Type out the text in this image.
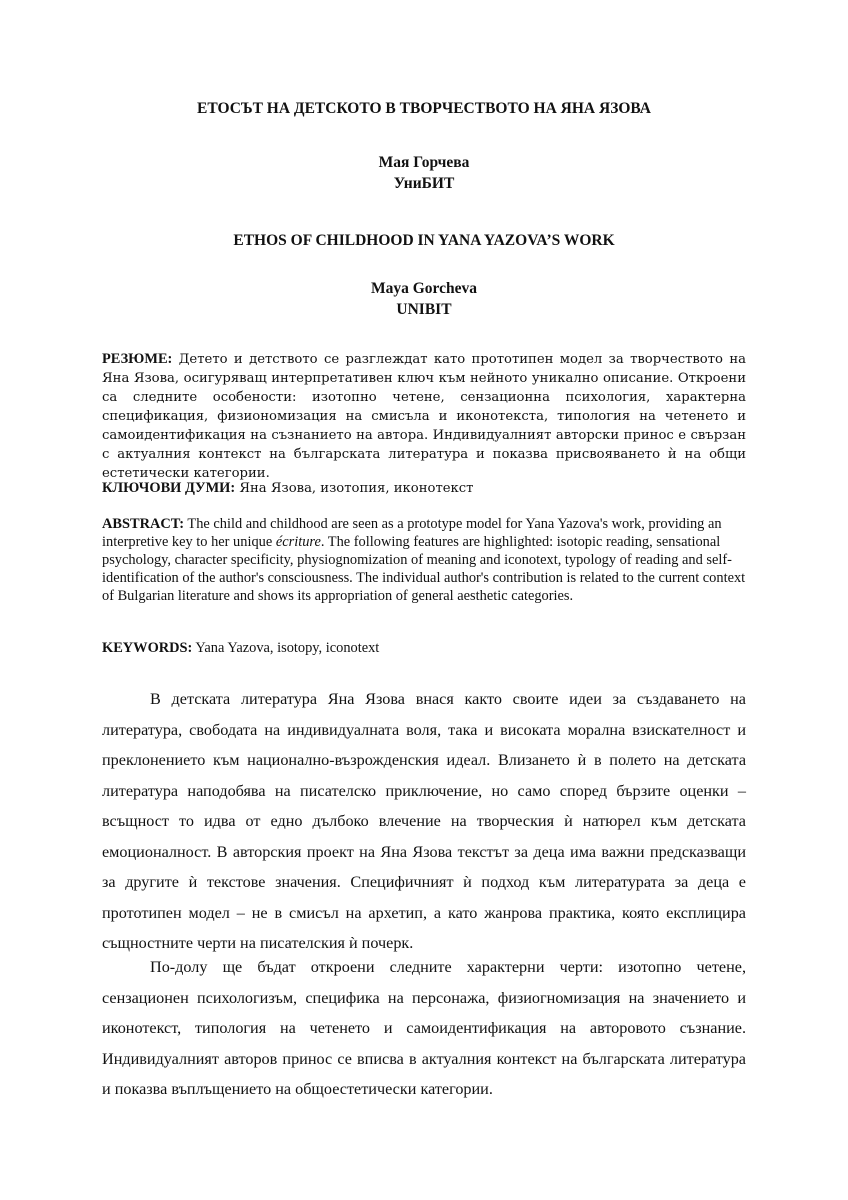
ЕТОСЪТ НА ДЕТСКОТО В ТВОРЧЕСТВОТО НА ЯНА ЯЗОВА
Мая Горчева
УниБИТ
ETHOS OF CHILDHOOD IN YANA YAZOVA’S WORK
Maya Gorcheva
UNIBIT

РЕЗЮМЕ: Детето и детството се разглеждат като прототипен модел за творчеството на Яна Язова, осигуряващ интерпретативен ключ към нейното уникално описание. Откроени са следните особености: изотопно четене, сензационна психология, характерна спецификация, физиономизация на смисъла и иконотекста, типология на четенето и самоидентификация на съзнанието на автора. Индивидуалният авторски принос е свързан с актуалния контекст на българската литература и показва присвояването ѝ на общи естетически категории.

КЛЮЧОВИ ДУМИ: Яна Язова, изотопия, иконотекст

ABSTRACT: The child and childhood are seen as a prototype model for Yana Yazova's work, providing an interpretive key to her unique écriture. The following features are highlighted: isotopic reading, sensational psychology, character specificity, physiognomization of meaning and iconotext, typology of reading and self-identification of the author's consciousness. The individual author's contribution is related to the current context of Bulgarian literature and shows its appropriation of general aesthetic categories.

KEYWORDS: Yana Yazova, isotopy, iconotext

В детската литература Яна Язова внася както своите идеи за създаването на литература, свободата на индивидуалната воля, така и високата морална взискателност и преклонението към национално-възрожденския идеал. Влизането ѝ в полето на детската литература наподобява на писателско приключение, но само според бързите оценки – всъщност то идва от едно дълбоко влечение на творческия ѝ натюрел към детската емоционалност. В авторския проект на Яна Язова текстът за деца има важни предсказващи за другите ѝ текстове значения. Специфичният ѝ подход към литературата за деца е прототипен модел – не в смисъл на архетип, а като жанрова практика, която експлицира същностните черти на писателския ѝ почерк.

По-долу ще бъдат откроени следните характерни черти: изотопно четене, сензационен психологизъм, специфика на персонажа, физиогномизация на значението и иконотекст, типология на четенето и самоидентификация на авторовото съзнание. Индивидуалният авторов принос се вписва в актуалния контекст на българската литература и показва въплъщението на общоестетически категории.
